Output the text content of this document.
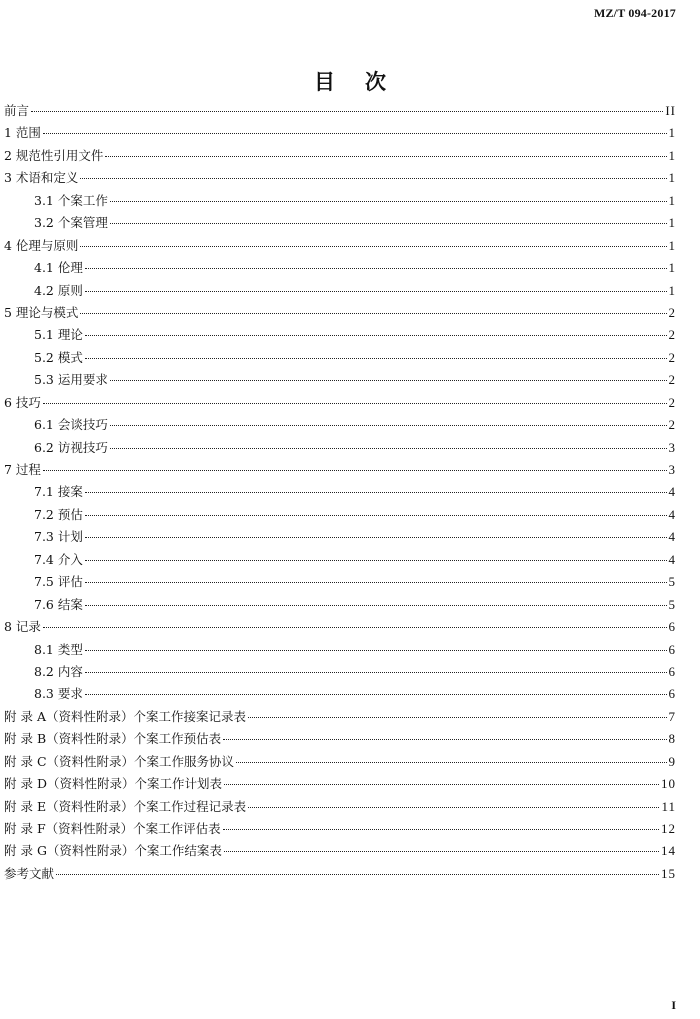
MZ/T 094-2017
目次
前言	II
1 范围	1
2 规范性引用文件	1
3 术语和定义	1
3.1 个案工作	1
3.2 个案管理	1
4 伦理与原则	1
4.1 伦理	1
4.2 原则	1
5 理论与模式	2
5.1 理论	2
5.2 模式	2
5.3 运用要求	2
6 技巧	2
6.1 会谈技巧	2
6.2 访视技巧	3
7 过程	3
7.1 接案	4
7.2 预估	4
7.3 计划	4
7.4 介入	4
7.5 评估	5
7.6 结案	5
8 记录	6
8.1 类型	6
8.2 内容	6
8.3 要求	6
附 录 A（资料性附录）个案工作接案记录表	7
附 录 B（资料性附录）个案工作预估表	8
附 录 C（资料性附录）个案工作服务协议	9
附 录 D（资料性附录）个案工作计划表	10
附 录 E（资料性附录）个案工作过程记录表	11
附 录 F（资料性附录）个案工作评估表	12
附 录 G（资料性附录）个案工作结案表	14
参考文献	15
I
